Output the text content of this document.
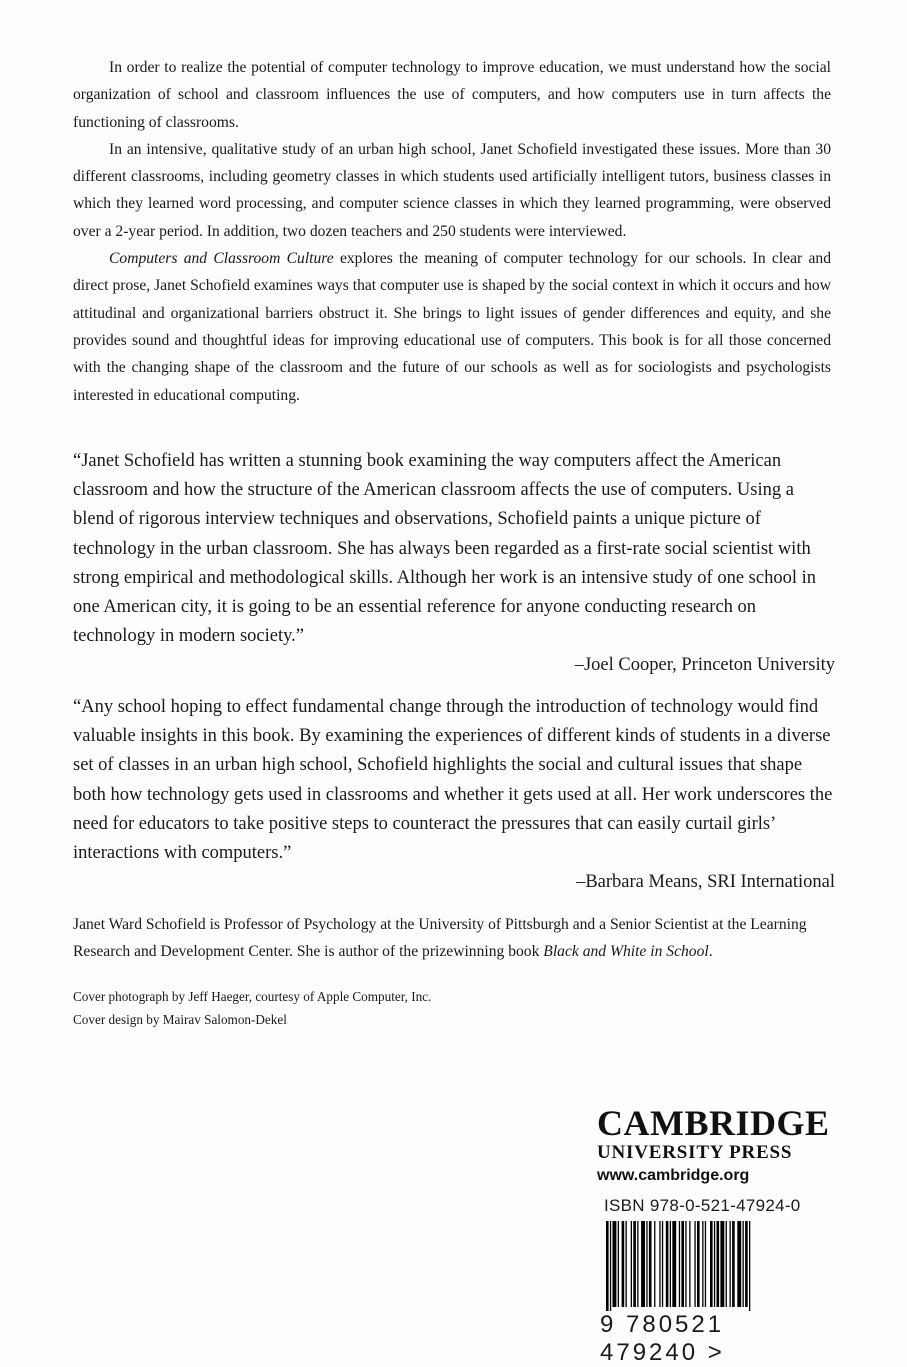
In order to realize the potential of computer technology to improve education, we must understand how the social organization of school and classroom influences the use of computers, and how computers use in turn affects the functioning of classrooms.

In an intensive, qualitative study of an urban high school, Janet Schofield investigated these issues. More than 30 different classrooms, including geometry classes in which students used artificially intelligent tutors, business classes in which they learned word processing, and computer science classes in which they learned programming, were observed over a 2-year period. In addition, two dozen teachers and 250 students were interviewed.

Computers and Classroom Culture explores the meaning of computer technology for our schools. In clear and direct prose, Janet Schofield examines ways that computer use is shaped by the social context in which it occurs and how attitudinal and organizational barriers obstruct it. She brings to light issues of gender differences and equity, and she provides sound and thoughtful ideas for improving educational use of computers. This book is for all those concerned with the changing shape of the classroom and the future of our schools as well as for sociologists and psychologists interested in educational computing.

“Janet Schofield has written a stunning book examining the way computers affect the American classroom and how the structure of the American classroom affects the use of computers. Using a blend of rigorous interview techniques and observations, Schofield paints a unique picture of technology in the urban classroom. She has always been regarded as a first-rate social scientist with strong empirical and methodological skills. Although her work is an intensive study of one school in one American city, it is going to be an essential reference for anyone conducting research on technology in modern society.”

–Joel Cooper, Princeton University

“Any school hoping to effect fundamental change through the introduction of technology would find valuable insights in this book. By examining the experiences of different kinds of students in a diverse set of classes in an urban high school, Schofield highlights the social and cultural issues that shape both how technology gets used in classrooms and whether it gets used at all. Her work underscores the need for educators to take positive steps to counteract the pressures that can easily curtail girls’ interactions with computers.”

–Barbara Means, SRI International
Janet Ward Schofield is Professor of Psychology at the University of Pittsburgh and a Senior Scientist at the Learning Research and Development Center. She is author of the prizewinning book Black and White in School.
Cover photograph by Jeff Haeger, courtesy of Apple Computer, Inc.
Cover design by Mairav Salomon-Dekel
CAMBRIDGE
UNIVERSITY PRESS
www.cambridge.org
ISBN 978-0-521-47924-0
9 780521 479240 >
